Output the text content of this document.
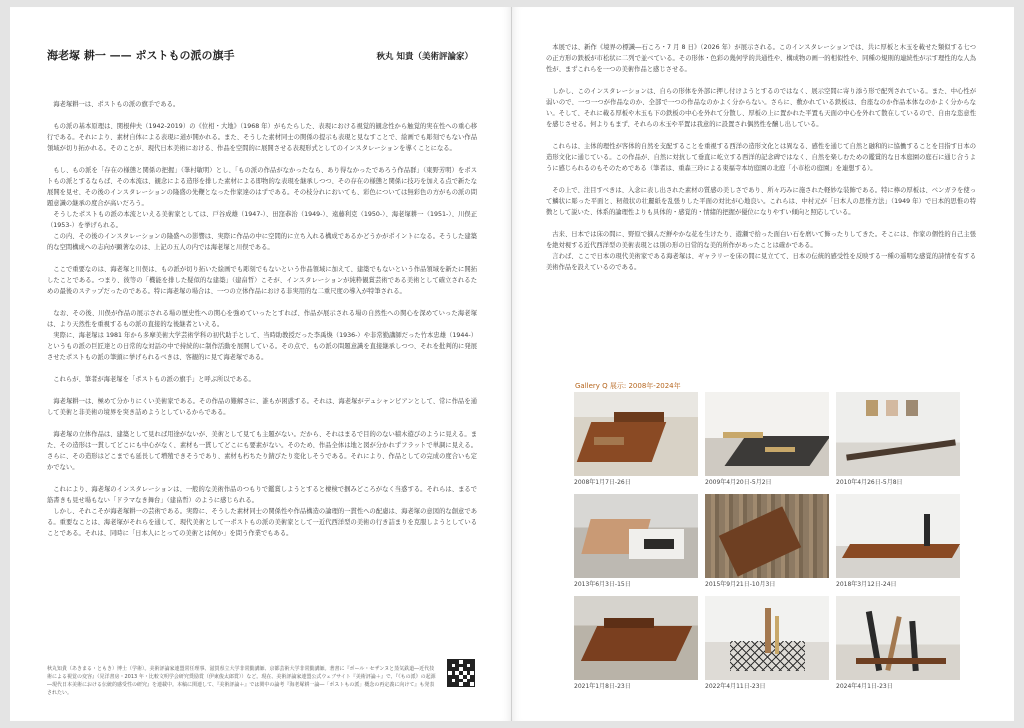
海老塚 耕一 —— ポストもの派の旗手	秋丸 知貴（美術評論家）

海老塚耕一は、ポストもの派の旗手である。

もの派の基本原理は、関根伸夫（1942-2019）の《位相・大地》（1968 年）がもたらした、表現における視覚的観念性から触覚的実在性への重心移行である。それにより、素材自体による表現に道が開かれる。また、そうした素材同士の関係の提示も表現と見なすことで、絵画でも彫刻でもない作品領域が切り拓かれる。そのことが、現代日本美術における、作品を空間的に展開させる表現形式としてのインスタレーションを導くことになる。

もし、もの派を「存在の様態と関係の把握」（峯村敏明）とし、「もの派の作品がなかったなら、あり得なかったであろう作品群」（東野芳明）をポストもの派とするならば、その本流は、観念による造形を排した素材による即物的な表現を継承しつつ、その存在の様態と関係に技巧を加える点で新たな展開を見せ、その後のインスタレーションの隆盛の先鞭となった作家達のはずである。その枝分れにおいても、彩色については無彩色の方がもの派の問題意識の継承の度合が高いだろう。

そうしたポストもの派の本流といえる美術家としては、戸谷成雄（1947-）、田窪恭治（1949-）、遠藤利克（1950-）、海老塚耕一（1951-）、川俣正（1953-）を挙げられる。

この内、その後のインスタレーションの隆盛への影響は、実際に作品の中に空間的に立ち入れる構成であるかどうかがポイントになる。そうした建築的な空間構成への志向が顕著なのは、上記の五人の内では海老塚と川俣である。

ここで重要なのは、海老塚と川俣は、もの派が切り拓いた絵画でも彫刻でもないという作品領域に加えて、建築でもないという作品領域を新たに開拓したことである。つまり、彼等の「機能を排した疑似的な建築」（建畠晢）こそが、インスタレーションが純粋観賞芸術である美術として確立されるための最後のステップだったのである。特に海老塚の場合は、一つの立体作品における非実用的な二重尺度の導入が特筆される。

なお、その後、川俣が作品の展示される場の歴史性への関心を強めていったとすれば、作品が展示される場の自然性への関心を深めていった海老塚は、より天然性を重視するもの派の直接的な後継者といえる。

実際に、海老塚は 1981 年から多摩美術大学芸術学科の初代助手として、当時助教授だった李禹煥（1936-）や非常勤講師だった竹本忠雄（1944-）というもの派の巨匠達との日常的な対話の中で持続的に制作活動を展開している。その点で、もの派の問題意識を直接継承しつつ、それを批判的に発展させたポストもの派の筆頭に挙げられるべきは、客観的に見て海老塚である。

これらが、筆者が海老塚を「ポストもの派の旗手」と呼ぶ所以である。

海老塚耕一は、極めて分かりにくい美術家である。その作品の難解さに、誰もが困惑する。それは、海老塚がデュシャンピアンとして、常に作品を通して美術と非美術の境界を突き詰めようとしているからである。

海老塚の立体作品は、建築として見れば用途がないが、美術として見ても主題がない。だから、それはまるで目的のない積木遊びのように見える。また、その造形は一貫してどこにも中心がなく、素材も一貫してどこにも要素がない。そのため、作品全体は地と図が分かれずフラットで単調に見える。さらに、その造形はどこまでも延長して増殖できそうであり、素材も朽ちたり錆びたり変化しそうである。それにより、作品としての完成の度合いも定かでない。

これにより、海老塚のインスタレーションは、一般的な美術作品のつもりで鑑賞しようとすると棲検で掴みどころがなく当惑する。それらは、まるで筋書きも見せ場もない「ドラマなき舞台」（建畠晢）のように感じられる。

しかし、それこそが海老塚耕一の芸術である。実際に、そうした素材同士の関係性や作品構造の論理的一貫性への配慮は、海老塚の意図的な創意である。重要なことは、海老塚がそれらを通して、現代美術として一ポストもの派の美術家として一近代西洋型の美術の行き詰まりを克服しようとしていることである。それは、同時に「日本人にとっての美術とは何か」を問う作業でもある。

秋丸知貴（あきまる・ともき）博士（学術）。美術評論家連盟常任理事、滋賀県立大学非常勤講師、京都芸術大学非常勤講師。著書に『ポール・セザンヌと蒸気鉄道―近代技術による視覚の変容』（晃洋書房・2013 年・比較文明学会研究奨励賞（伊東俊太郎賞））など。現在、美術評論家連盟公式ウェブサイト『美術評論＋』で、『《もの派》の起源―現代日本美術における伝統的感受性の研究』を連載中。本稿に関連して、『美術評論＋』では関中の論考『海老塚耕一論―「ポストもの派」概念の再定義に向けて』も発表されたい。

本展では、新作《境界の標識―石ころ・7 月 8 日》（2026 年）が展示される。このインスタレーションでは、共に厚板と木玉を載せた類似する七つの正方形の鉄板が市松状に二列で並べている。その形体・色彩の幾何学的共通性や、構成物の画一的相似性や、同種の規則的連続性が示す理性的な人為性が、まずこれらを一つの美術作品と感じさせる。

しかし、このインスタレーションは、自らの形体を外部に押し付けようとするのではなく、展示空間に寄り添う形で配列されている。また、中心性が弱いので、一つ一つが作品なのか、全部で一つの作品なのかよく分からない。さらに、敷かれている鉄板は、台座なのか作品本体なのかよく分からない。そして、それに載る厚板や木玉も下の鉄板の中心を外れて分散し、厚板の上に置かれた平置も天面の中心を外れて散在しているので、自由な恣意性を感じさせる。何よりもまず、それらの木玉や平置は我意的に設置され偶然性を醸し出している。

これらは、主体的理性が客体的自然を支配することを重視する西洋の造形文化とは異なる、感性を通じて自然と融和的に協働することを目指す日本の造形文化に通じている。この作品が、自然に対抗して垂直に屹立する西洋的記念碑ではなく、自然を楽しむための鑑賞的な日本庭園の庭石に通じ合うように感じられるのもそのためである（筆者は、重森三玲による東福寺本坊庭園の北庭「小市松の庭園」を連想する）。

その上で、注目すべきは、入念に表し出された素材の質感の美しさであり、所々巧みに施された軽妙な装飾である。特に檸の厚板は、ベンガラを使って鱗状に彫った平面と、籾殻状の壮麗紙を乱張りした平面の対比が心地良い。これらは、中村元が「日本人の思惟方法」（1949 年）で日本的思惟の特徴として説いた、体系的論理性よりも具体的・感覚的・情緒的把握が優位になりやすい傾向と照応している。

古来、日本では床の間に、野原で摘んだ鮮やかな花を生けたり、遊瀬で拾った面白い石を磨いて飾ったりしてきた。そこには、作家の個性的自己主張を絶対視する近代西洋型の美術表現とは別の形の日常的な美的所作があったことは確かである。

言わば、ここで日本の現代美術家である海老塚は、ギャラリーを床の間に見立てて、日本の伝統的感受性を反映する一種の遥明な感覚的詩情を有する美術作品を設えているのである。

Gallery Q 展示: 2008年-2024年
2008年1月7日-26日	2009年4月20日-5月2日	2010年4月26日-5月8日
2013年6月3日-15日	2015年9月21日-10月3日	2018年3月12日-24日
2021年1月8日-23日	2022年4月11日-23日	2024年4月1日-23日
